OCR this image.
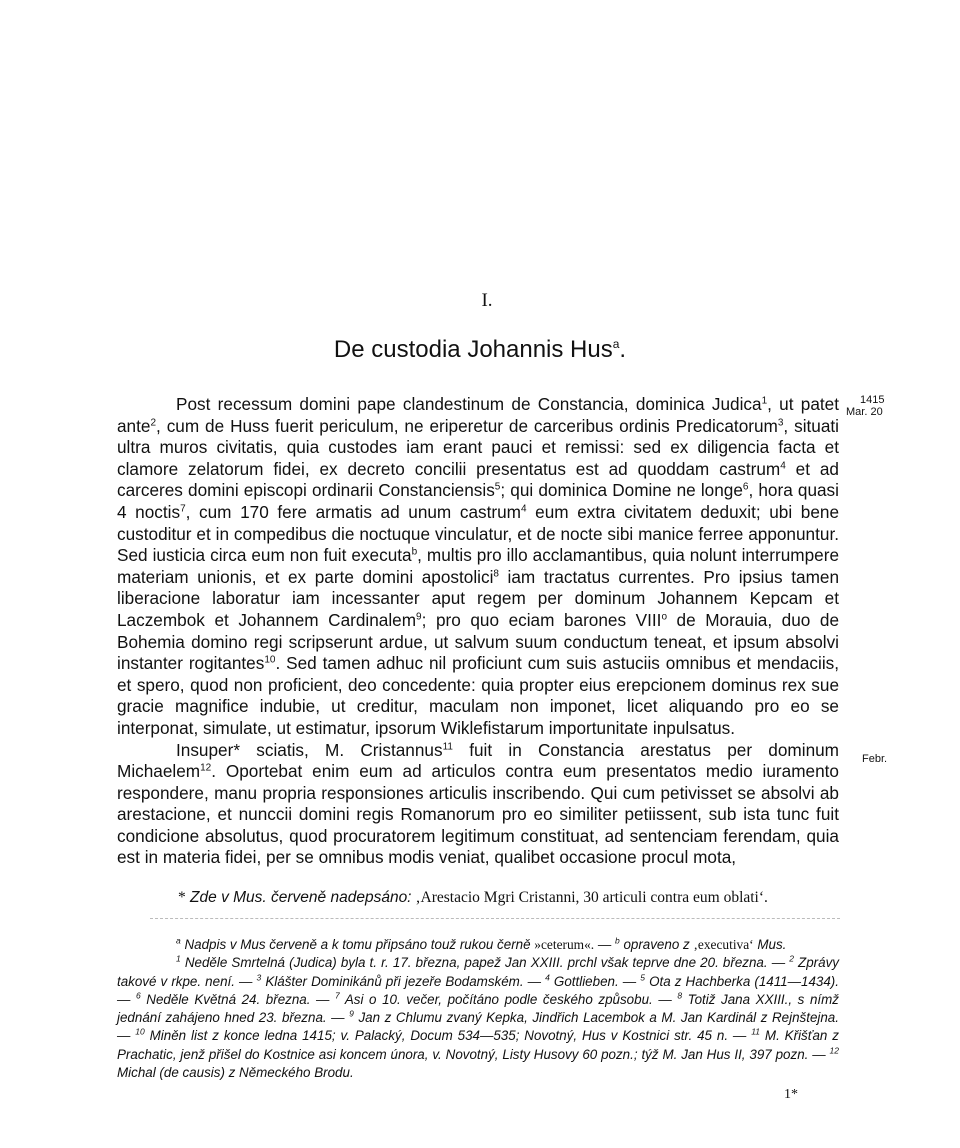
I.
De custodia Johannis Hus$^a$.
1415
Mar. 20
Febr.

Post recessum domini pape clandestinum de Constancia, dominica Judica$^1$, ut patet ante$^2$, cum de Huss fuerit periculum, ne eriperetur de carceribus ordinis Predicatorum$^3$, situati ultra muros civitatis, quia custodes iam erant pauci et remissi: sed ex diligencia facta et clamore zelatorum fidei, ex decreto concilii presentatus est ad quoddam castrum$^4$ et ad carceres domini episcopi ordinarii Constanciensis$^5$; qui dominica Domine ne longe$^6$, hora quasi 4 noctis$^7$, cum 170 fere armatis ad unum castrum$^4$ eum extra civitatem deduxit; ubi bene custoditur et in compedibus die noctuque vinculatur, et de nocte sibi manice ferree apponuntur. Sed iusticia circa eum non fuit executa$^b$, multis pro illo acclamantibus, quia nolunt interrumpere materiam unionis, et ex parte domini apostolici$^8$ iam tractatus currentes. Pro ipsius tamen liberacione laboratur iam incessanter aput regem per dominum Johannem Kepcam et Laczembok et Johannem Cardinalem$^9$; pro quo eciam barones VIII$^o$ de Morauia, duo de Bohemia domino regi scripserunt ardue, ut salvum suum conductum teneat, et ipsum absolvi instanter rogitantes$^{10}$. Sed tamen adhuc nil proficiunt cum suis astuciis omnibus et mendaciis, et spero, quod non proficient, deo concedente: quia propter eius erepcionem dominus rex sue gracie magnifice indubie, ut creditur, maculam non imponet, licet aliquando pro eo se interponat, simulate, ut estimatur, ipsorum Wiklefistarum importunitate inpulsatus.

Insuper* sciatis, M. Cristannus$^{11}$ fuit in Constancia arestatus per dominum Michaelem$^{12}$. Oportebat enim eum ad articulos contra eum presentatos medio iuramento respondere, manu propria responsiones articulis inscribendo. Qui cum petivisset se absolvi ab arestacione, et nunccii domini regis Romanorum pro eo similiter petiissent, sub ista tunc fuit condicione absolutus, quod procuratorem legitimum constituat, ad sentenciam ferendam, quia est in materia fidei, per se omnibus modis veniat, qualibet occasione procul mota,

* Zde v Mus. červeně nadepsáno: ‚Arestacio Mgri Cristanni, 30 articuli contra eum oblati‘.

$^a$ Nadpis v Mus červeně a k tomu připsáno touž rukou černě »ceterum«. — $^b$ opraveno z ‚executiva‘ Mus.

$^1$ Neděle Smrtelná (Judica) byla t. r. 17. března, papež Jan XXIII. prchl však teprve dne 20. března. — $^2$ Zprávy takové v rkpe. není. — $^3$ Klášter Dominikánů při jezeře Bodamském. — $^4$ Gottlieben. — $^5$ Ota z Hachberka (1411—1434). — $^6$ Neděle Květná 24. března. — $^7$ Asi o 10. večer, počítáno podle českého způsobu. — $^8$ Totiž Jana XXIII., s nímž jednání zahájeno hned 23. března. — $^9$ Jan z Chlumu zvaný Kepka, Jindřich Lacembok a M. Jan Kardinál z Rejnštejna. — $^{10}$ Miněn list z konce ledna 1415; v. Palacký, Docum 534—535; Novotný, Hus v Kostnici str. 45 n. — $^{11}$ M. Křišťan z Prachatic, jenž přišel do Kostnice asi koncem února, v. Novotný, Listy Husovy 60 pozn.; týž M. Jan Hus II, 397 pozn. — $^{12}$ Michal (de causis) z Německého Brodu.

1*
